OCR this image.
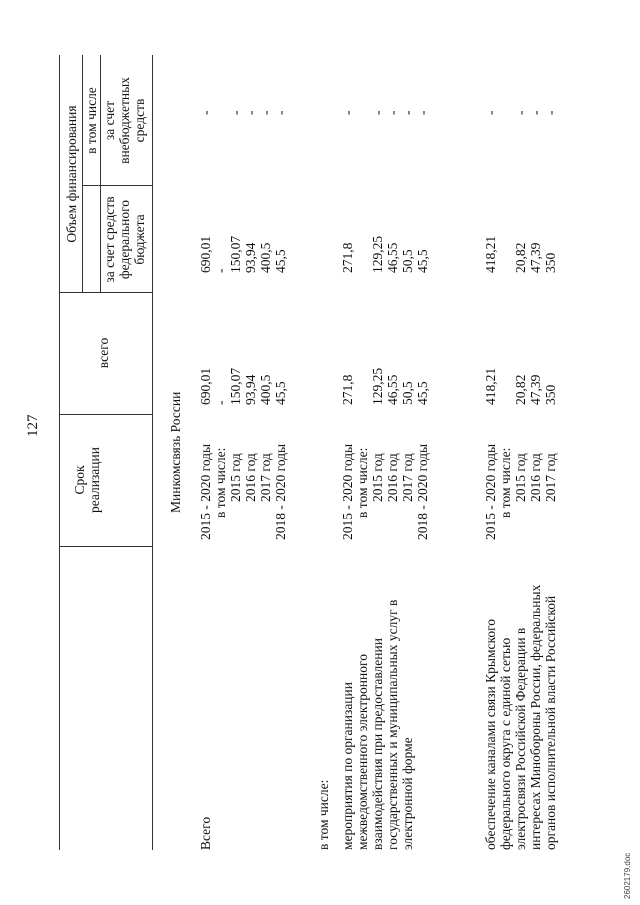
127
Срок реализации
всего
Объем финансирования в том числе
за счет средств федерального бюджета
за счет внебюджетных средств
Минкомсвязь России
Всего
2015 - 2020 годы в том числе: 2015 год 2016 год 2017 год 2018 - 2020 годы
690,01 - 150,07 93,94 400,5 45,5
690,01 - 150,07 93,94 400,5 45,5
- - - - -
в том числе: мероприятия по организации межведомственного электронного взаимодействия при предоставлении государственных и муниципальных услуг в электронной форме
2015 - 2020 годы в том числе: 2015 год 2016 год 2017 год 2018 - 2020 годы
271,8 129,25 46,55 50,5 45,5
271,8 129,25 46,55 50,5 45,5
- - - - -
обеспечение каналами связи Крымского федерального округа с единой сетью электросвязи Российской Федерации в интересах Минобороны России, федеральных органов исполнительной власти Российской
2015 - 2020 годы в том числе: 2015 год 2016 год 2017 год
418,21 20,82 47,39 350
418,21 20,82 47,39 350
- - - -
2602179.doc
